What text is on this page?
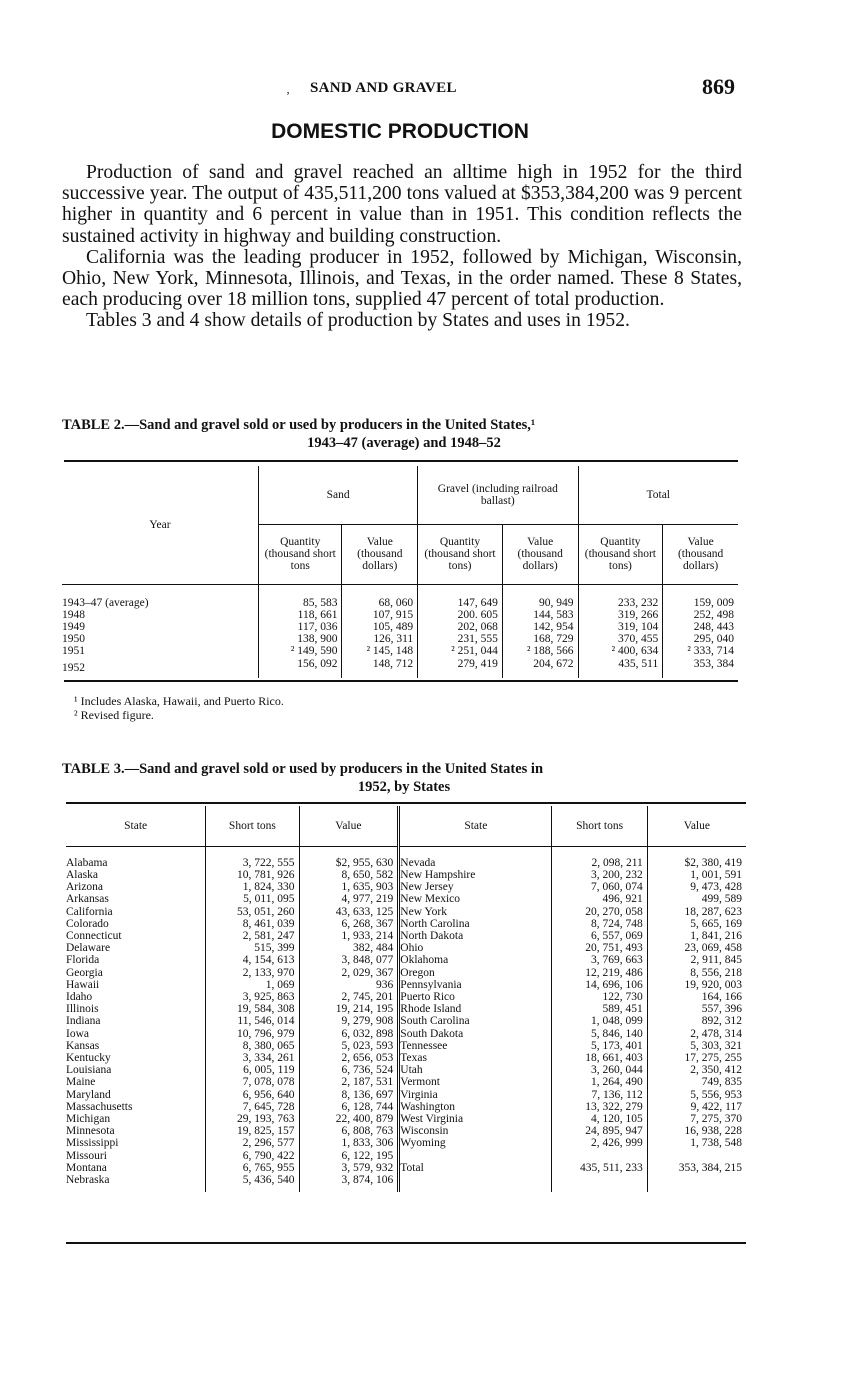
‚ SAND AND GRAVEL	869
DOMESTIC PRODUCTION

Production of sand and gravel reached an alltime high in 1952 for the third successive year. The output of 435,511,200 tons valued at $353,384,200 was 9 percent higher in quantity and 6 percent in value than in 1951. This condition reflects the sustained activity in highway and building construction.

California was the leading producer in 1952, followed by Michigan, Wisconsin, Ohio, New York, Minnesota, Illinois, and Texas, in the order named. These 8 States, each producing over 18 million tons, supplied 47 percent of total production.

Tables 3 and 4 show details of production by States and uses in 1952.

TABLE 2.—Sand and gravel sold or used by producers in the United States,¹
1943–47 (average) and 1948–52
Year	Sand		Gravel (including railroad ballast)		Total	
	Quantity (thousand short tons	Value (thousand dollars)	Quantity (thousand short tons)	Value (thousand dollars)	Quantity (thousand short tons)	Value (thousand dollars)
1943–47 (average)	85, 583	68, 060	147, 649	90, 949	233, 232	159, 009
1948	118, 661	107, 915	200. 605	144, 583	319, 266	252, 498
1949	117, 036	105, 489	202, 068	142, 954	319, 104	248, 443
1950	138, 900	126, 311	231, 555	168, 729	370, 455	295, 040
1951	² 149, 590	² 145, 148	² 251, 044	² 188, 566	² 400, 634	² 333, 714
1952	156, 092	148, 712	279, 419	204, 672	435, 511	353, 384
¹ Includes Alaska, Hawaii, and Puerto Rico.
² Revised figure.
TABLE 3.—Sand and gravel sold or used by producers in the United States in
1952, by States
State	Short tons	Value	State	Short tons	Value

Alabama	3, 722, 555	$2, 955, 630	Nevada	2, 098, 211	$2, 380, 419
Alaska	10, 781, 926	8, 650, 582	New Hampshire	3, 200, 232	1, 001, 591
Arizona	1, 824, 330	1, 635, 903	New Jersey	7, 060, 074	9, 473, 428
Arkansas	5, 011, 095	4, 977, 219	New Mexico	496, 921	499, 589
California	53, 051, 260	43, 633, 125	New York	20, 270, 058	18, 287, 623
Colorado	8, 461, 039	6, 268, 367	North Carolina	8, 724, 748	5, 665, 169
Connecticut	2, 581, 247	1, 933, 214	North Dakota	6, 557, 069	1, 841, 216
Delaware	515, 399	382, 484	Ohio	20, 751, 493	23, 069, 458
Florida	4, 154, 613	3, 848, 077	Oklahoma	3, 769, 663	2, 911, 845
Georgia	2, 133, 970	2, 029, 367	Oregon	12, 219, 486	8, 556, 218
Hawaii	1, 069	936	Pennsylvania	14, 696, 106	19, 920, 003
Idaho	3, 925, 863	2, 745, 201	Puerto Rico	122, 730	164, 166
Illinois	19, 584, 308	19, 214, 195	Rhode Island	589, 451	557, 396
Indiana	11, 546, 014	9, 279, 908	South Carolina	1, 048, 099	892, 312
Iowa	10, 796, 979	6, 032, 898	South Dakota	5, 846, 140	2, 478, 314
Kansas	8, 380, 065	5, 023, 593	Tennessee	5, 173, 401	5, 303, 321
Kentucky	3, 334, 261	2, 656, 053	Texas	18, 661, 403	17, 275, 255
Louisiana	6, 005, 119	6, 736, 524	Utah	3, 260, 044	2, 350, 412
Maine	7, 078, 078	2, 187, 531	Vermont	1, 264, 490	749, 835
Maryland	6, 956, 640	8, 136, 697	Virginia	7, 136, 112	5, 556, 953
Massachusetts	7, 645, 728	6, 128, 744	Washington	13, 322, 279	9, 422, 117
Michigan	29, 193, 763	22, 400, 879	West Virginia	4, 120, 105	7, 275, 370
Minnesota	19, 825, 157	6, 808, 763	Wisconsin	24, 895, 947	16, 938, 228
Mississippi	2, 296, 577	1, 833, 306	Wyoming	2, 426, 999	1, 738, 548
Missouri	6, 790, 422	6, 122, 195			
Montana	6, 765, 955	3, 579, 932	Total	435, 511, 233	353, 384, 215
Nebraska	5, 436, 540	3, 874, 106			
